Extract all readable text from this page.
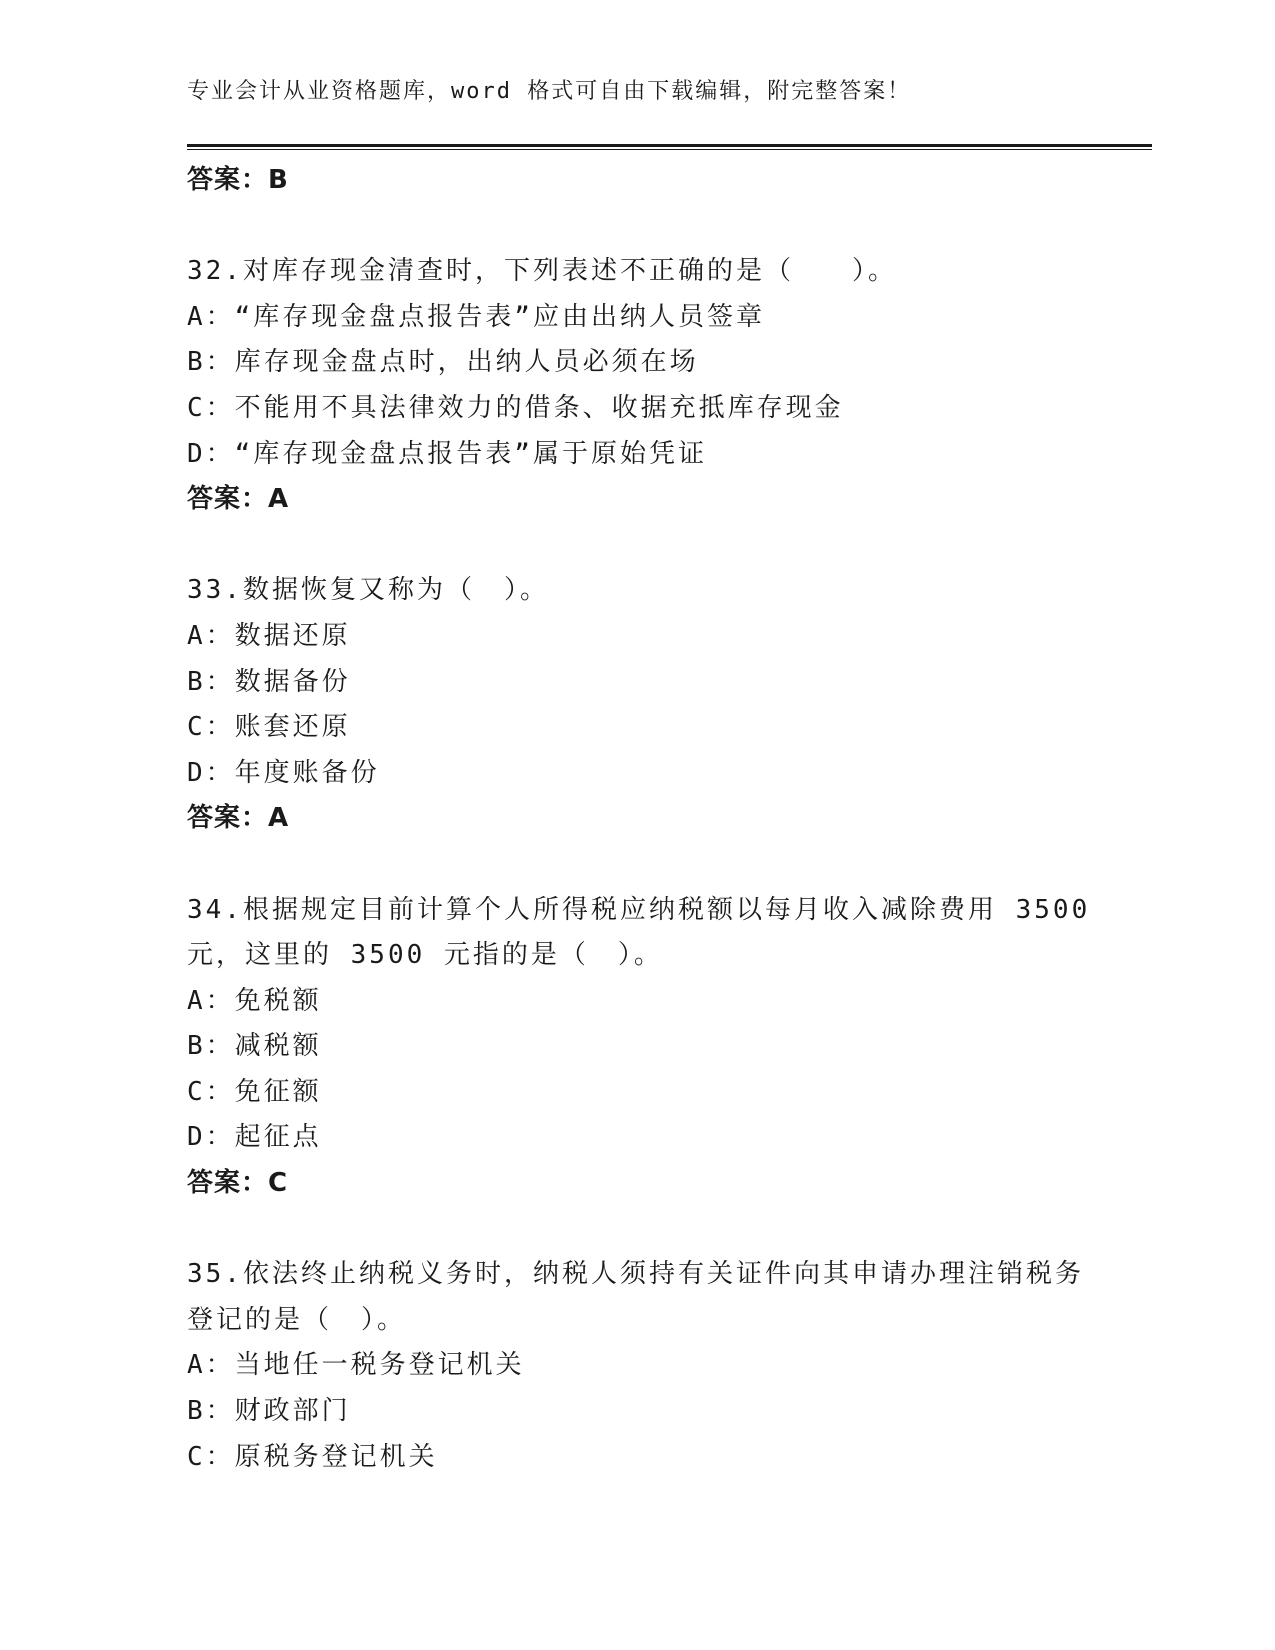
专业会计从业资格题库，word 格式可自由下载编辑，附完整答案！
答案：B
32.对库存现金清查时，下列表述不正确的是（　　）。
A：“库存现金盘点报告表”应由出纳人员签章
B：库存现金盘点时，出纳人员必须在场
C：不能用不具法律效力的借条、收据充抵库存现金
D：“库存现金盘点报告表”属于原始凭证
答案：A
33.数据恢复又称为（　）。
A：数据还原
B：数据备份
C：账套还原
D：年度账备份
答案：A
34.根据规定目前计算个人所得税应纳税额以每月收入减除费用 3500
元，这里的 3500 元指的是（　）。
A：免税额
B：减税额
C：免征额
D：起征点
答案：C
35.依法终止纳税义务时，纳税人须持有关证件向其申请办理注销税务
登记的是（　）。
A：当地任一税务登记机关
B：财政部门
C：原税务登记机关
